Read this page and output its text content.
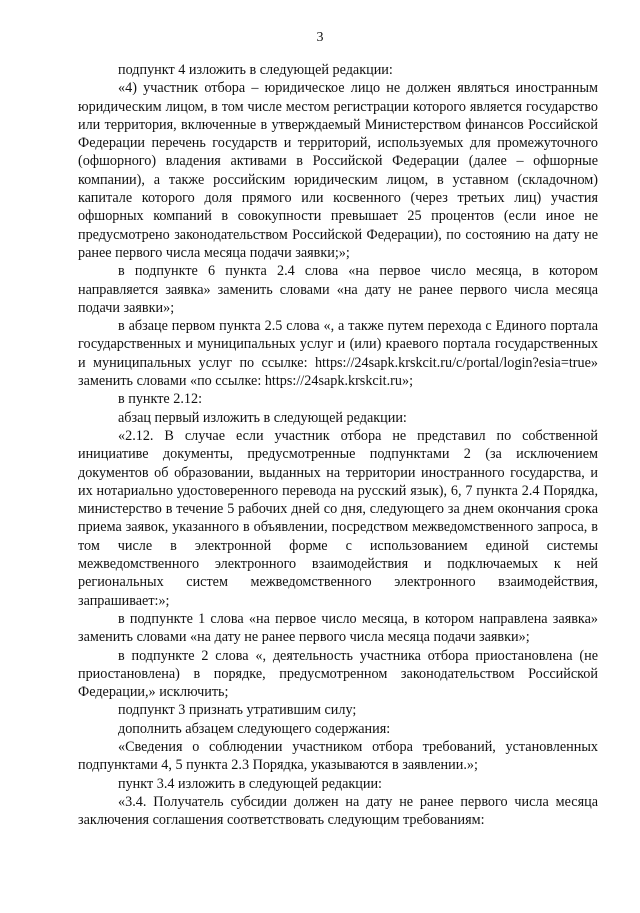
3

подпункт 4 изложить в следующей редакции:

«4) участник отбора – юридическое лицо не должен являться иностранным юридическим лицом, в том числе местом регистрации которого является государство или территория, включенные в утверждаемый Министерством финансов Российской Федерации перечень государств и территорий, используемых для промежуточного (офшорного) владения активами в Российской Федерации (далее – офшорные компании), а также российским юридическим лицом, в уставном (складочном) капитале которого доля прямого или косвенного (через третьих лиц) участия офшорных компаний в совокупности превышает 25 процентов (если иное не предусмотрено законодательством Российской Федерации), по состоянию на дату не ранее первого числа месяца подачи заявки;»;

в подпункте 6 пункта 2.4 слова «на первое число месяца, в котором направляется заявка» заменить словами «на дату не ранее первого числа месяца подачи заявки»;

в абзаце первом пункта 2.5 слова «, а также путем перехода с Единого портала государственных и муниципальных услуг и (или) краевого портала государственных и муниципальных услуг по ссылке: https://24sapk.krskcit.ru/c/portal/login?esia=true» заменить словами «по ссылке: https://24sapk.krskcit.ru»;

в пункте 2.12:

абзац первый изложить в следующей редакции:

«2.12. В случае если участник отбора не представил по собственной инициативе документы, предусмотренные подпунктами 2 (за исключением документов об образовании, выданных на территории иностранного государства, и их нотариально удостоверенного перевода на русский язык), 6, 7 пункта 2.4 Порядка, министерство в течение 5 рабочих дней со дня, следующего за днем окончания срока приема заявок, указанного в объявлении, посредством межведомственного запроса, в том числе в электронной форме с использованием единой системы межведомственного электронного взаимодействия и подключаемых к ней региональных систем межведомственного электронного взаимодействия, запрашивает:»;

в подпункте 1 слова «на первое число месяца, в котором направлена заявка» заменить словами «на дату не ранее первого числа месяца подачи заявки»;

в подпункте 2 слова «, деятельность участника отбора приостановлена (не приостановлена) в порядке, предусмотренном законодательством Российской Федерации,» исключить;

подпункт 3 признать утратившим силу;

дополнить абзацем следующего содержания:

«Сведения о соблюдении участником отбора требований, установленных подпунктами 4, 5 пункта 2.3 Порядка, указываются в заявлении.»;

пункт 3.4 изложить в следующей редакции:

«3.4. Получатель субсидии должен на дату не ранее первого числа месяца заключения соглашения соответствовать следующим требованиям:
